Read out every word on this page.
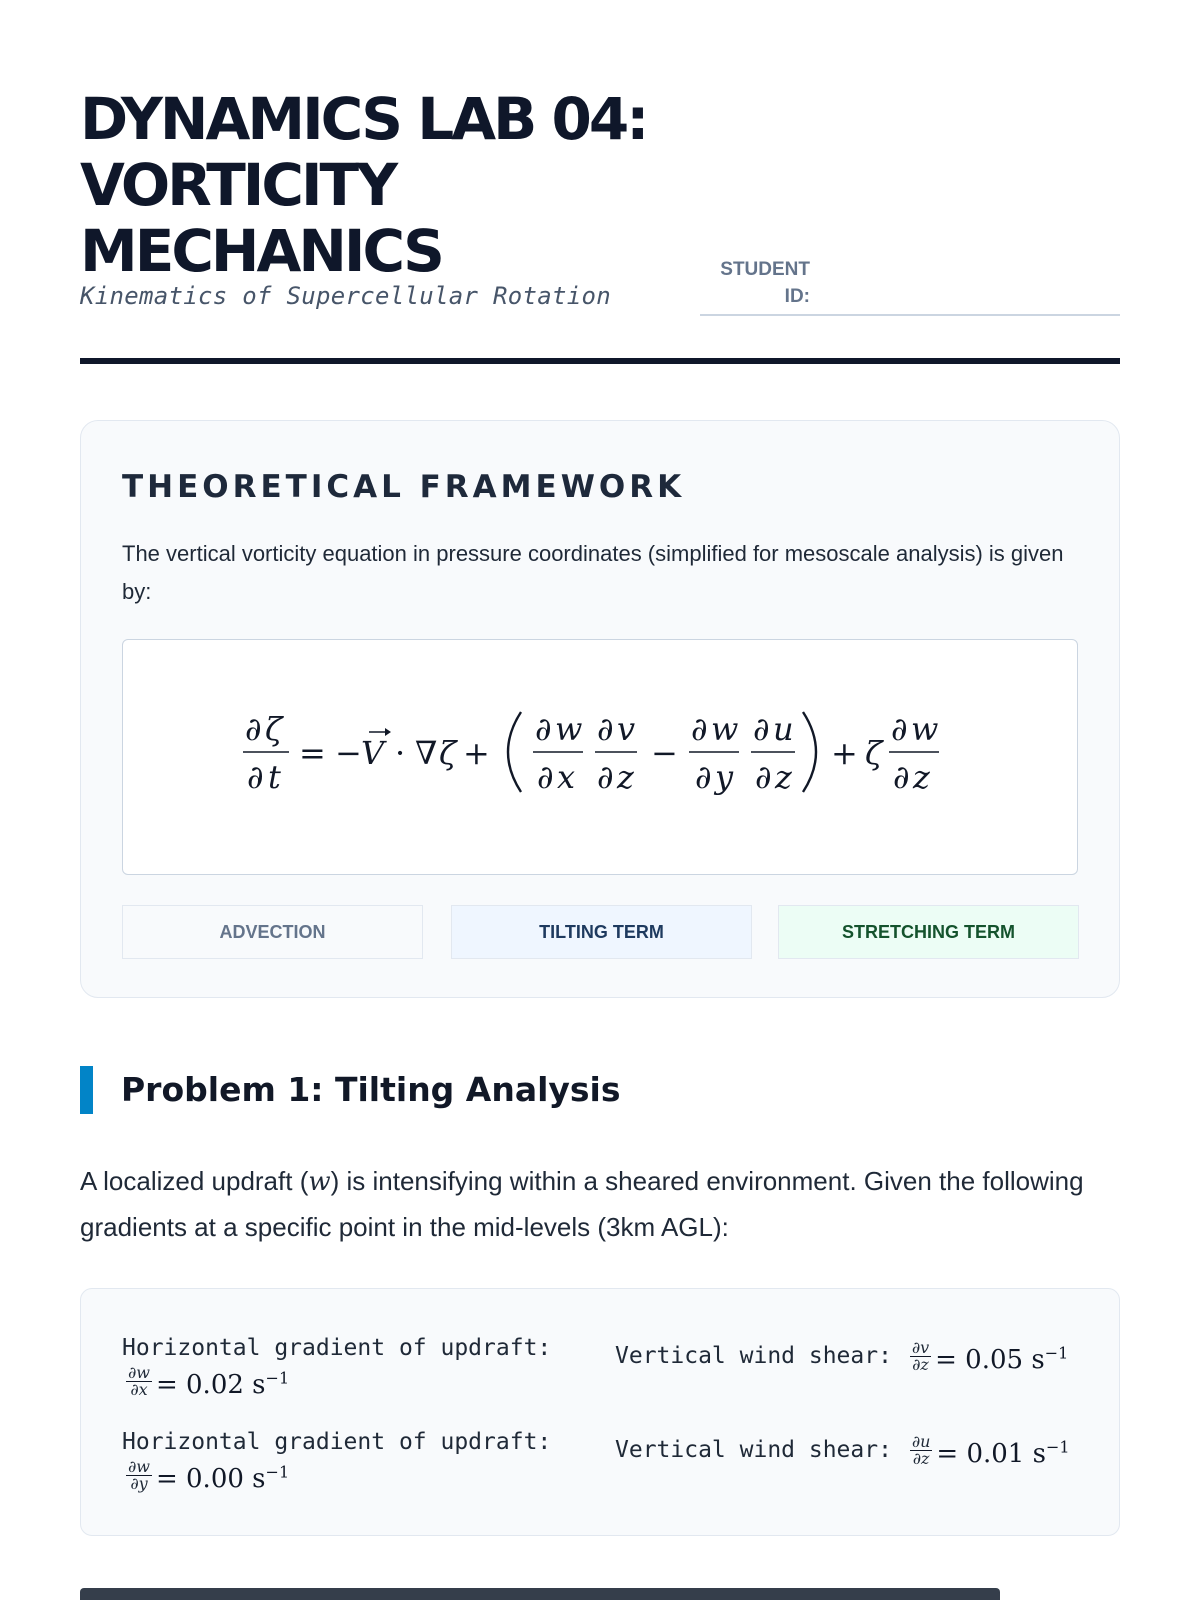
DYNAMICS LAB 04:
VORTICITY
MECHANICS
Kinematics of Supercellular Rotation
STUDENT
ID:
THEORETICAL FRAMEWORK
The vertical vorticity equation in pressure coordinates (simplified for mesoscale analysis) is given by:
∂ ζ
∂ t
= − V · ∇ ζ +
∂ w
∂ x
∂ v
∂ z
−
∂ w
∂ y
∂ u
∂ z
+ ζ
∂ w
∂ z
ADVECTION	TILTING TERM	STRETCHING TERM
Problem 1: Tilting Analysis
A localized updraft (w) is intensifying within a sheared environment. Given the following gradients at a specific point in the mid-levels (3km AGL):
Horizontal gradient of updraft:
$\frac{\partial w}{\partial x} = 0.02$ $s^{-1}$
Vertical wind shear: $\frac{\partial v}{\partial z} = 0.05$ $s^{-1}$
Horizontal gradient of updraft:
$\frac{\partial w}{\partial y} = 0.00$ $s^{-1}$
Vertical wind shear: $\frac{\partial u}{\partial z} = 0.01$ $s^{-1}$
